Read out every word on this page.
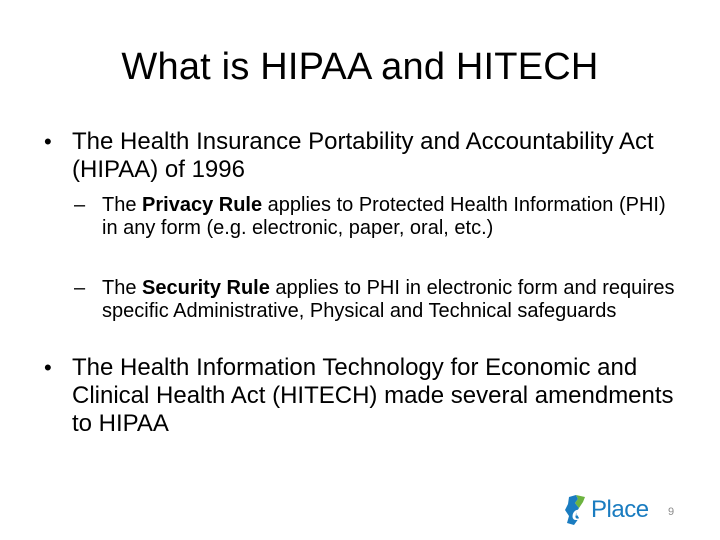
What is HIPAA and HITECH
• The Health Insurance Portability and Accountability Act (HIPAA) of 1996
– The Privacy Rule applies to Protected Health Information (PHI) in any form (e.g. electronic, paper, oral, etc.)
– The Security Rule applies to PHI in electronic form and requires specific Administrative, Physical and Technical safeguards
• The Health Information Technology for Economic and Clinical Health Act (HITECH) made several amendments to HIPAA
e Place 9
